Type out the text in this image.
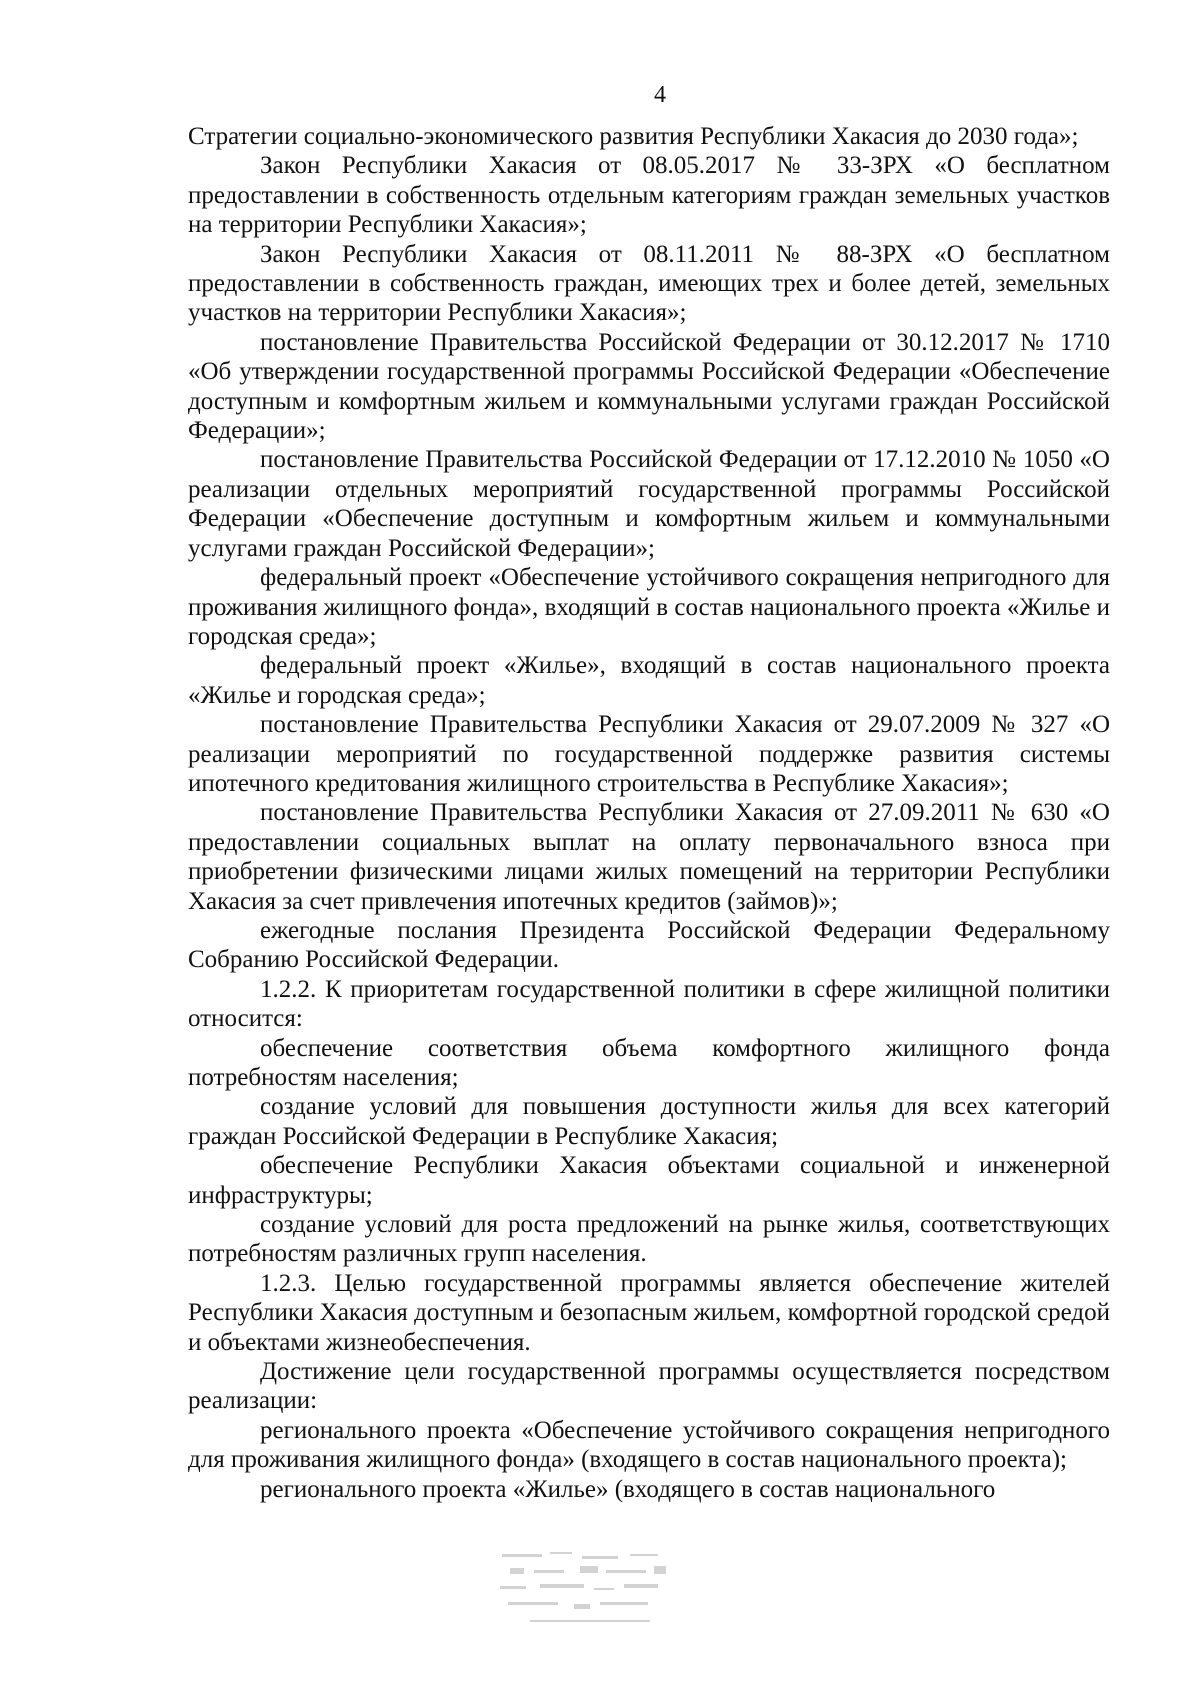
4

Стратегии социально-экономического развития Республики Хакасия до 2030 года»;

Закон Республики Хакасия от 08.05.2017 № 33-ЗРХ «О бесплатном предоставлении в собственность отдельным категориям граждан земельных участков на территории Республики Хакасия»;

Закон Республики Хакасия от 08.11.2011 № 88-ЗРХ «О бесплатном предоставлении в собственность граждан, имеющих трех и более детей, земельных участков на территории Республики Хакасия»;

постановление Правительства Российской Федерации от 30.12.2017 № 1710 «Об утверждении государственной программы Российской Федерации «Обеспечение доступным и комфортным жильем и коммунальными услугами граждан Российской Федерации»;

постановление Правительства Российской Федерации от 17.12.2010 № 1050 «О реализации отдельных мероприятий государственной программы Российской Федерации «Обеспечение доступным и комфортным жильем и коммунальными услугами граждан Российской Федерации»;

федеральный проект «Обеспечение устойчивого сокращения непригодного для проживания жилищного фонда», входящий в состав национального проекта «Жилье и городская среда»;

федеральный проект «Жилье», входящий в состав национального проекта «Жилье и городская среда»;

постановление Правительства Республики Хакасия от 29.07.2009 № 327 «О реализации мероприятий по государственной поддержке развития системы ипотечного кредитования жилищного строительства в Республике Хакасия»;

постановление Правительства Республики Хакасия от 27.09.2011 № 630 «О предоставлении социальных выплат на оплату первоначального взноса при приобретении физическими лицами жилых помещений на территории Республики Хакасия за счет привлечения ипотечных кредитов (займов)»;

ежегодные послания Президента Российской Федерации Федеральному Собранию Российской Федерации.

1.2.2. К приоритетам государственной политики в сфере жилищной политики относится:

обеспечение соответствия объема комфортного жилищного фонда потребностям населения;

создание условий для повышения доступности жилья для всех категорий граждан Российской Федерации в Республике Хакасия;

обеспечение Республики Хакасия объектами социальной и инженерной инфраструктуры;

создание условий для роста предложений на рынке жилья, соответствующих потребностям различных групп населения.

1.2.3. Целью государственной программы является обеспечение жителей Республики Хакасия доступным и безопасным жильем, комфортной городской средой и объектами жизнеобеспечения.

Достижение цели государственной программы осуществляется посредством реализации:

регионального проекта «Обеспечение устойчивого сокращения непригодного для проживания жилищного фонда» (входящего в состав национального проекта);

регионального проекта «Жилье» (входящего в состав национального
